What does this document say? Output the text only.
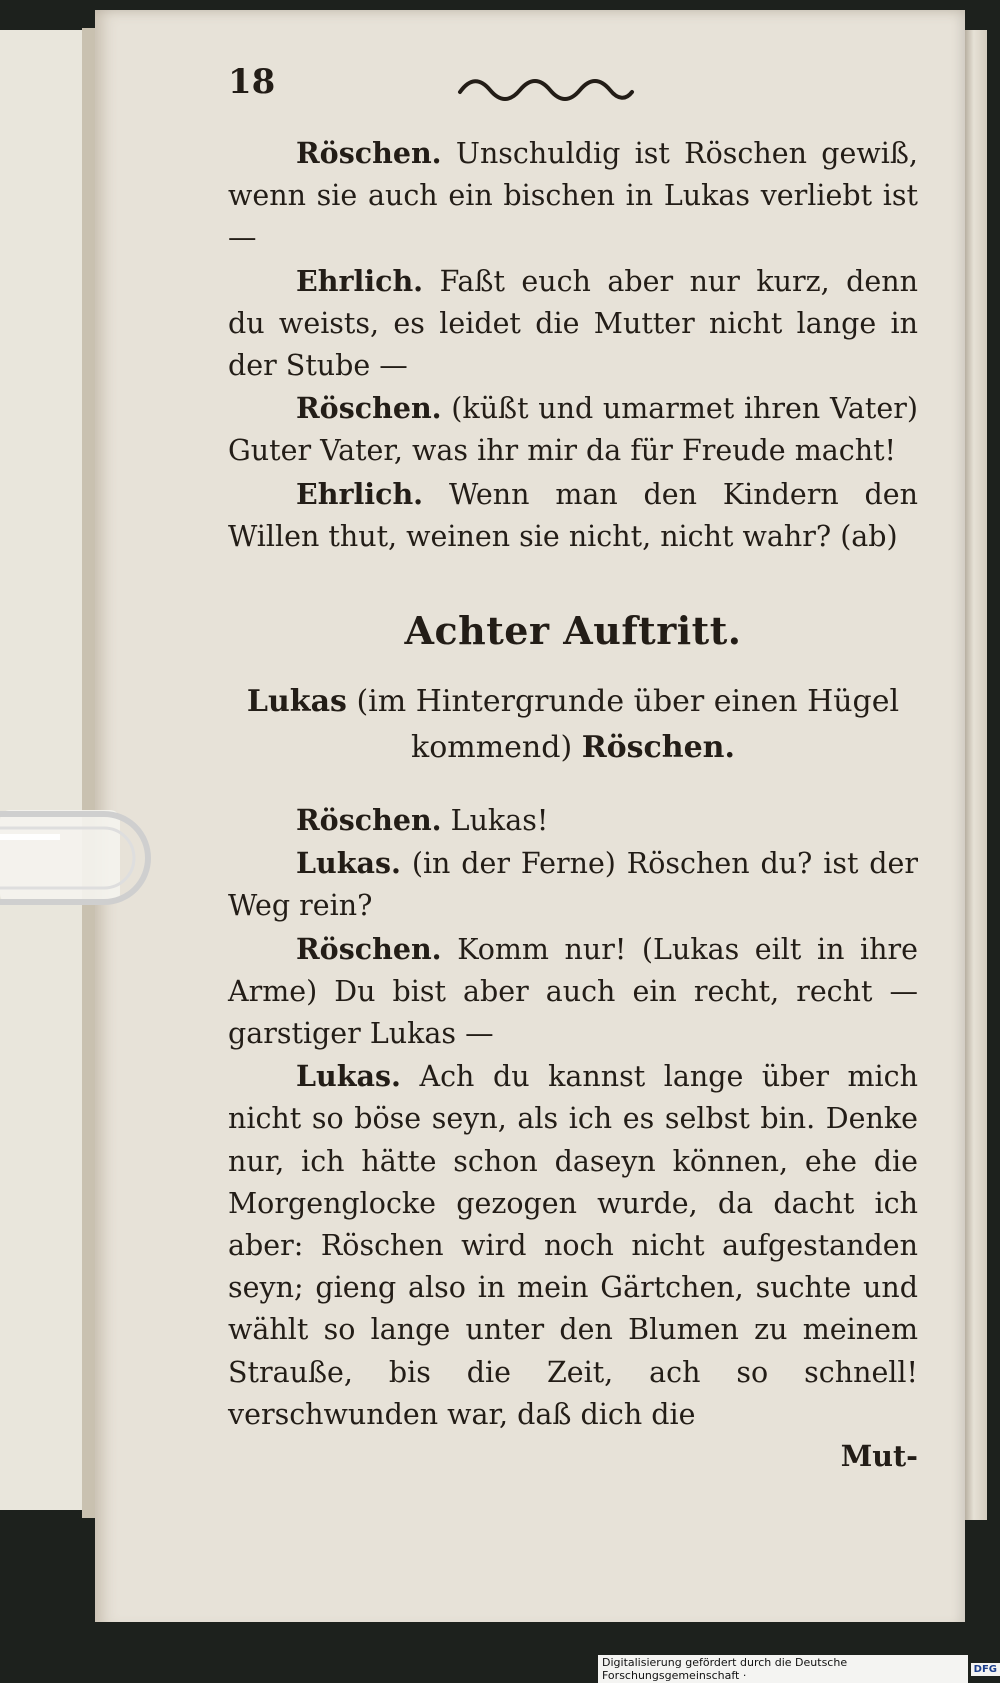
18

Röschen. Unschuldig ist Röschen gewiß, wenn sie auch ein bischen in Lukas verliebt ist —

Ehrlich. Faßt euch aber nur kurz, denn du weists, es leidet die Mutter nicht lange in der Stube —

Röschen. (küßt und umarmet ihren Vater) Guter Vater, was ihr mir da für Freude macht!

Ehrlich. Wenn man den Kindern den Willen thut, weinen sie nicht, nicht wahr? (ab)

Achter Auftritt.
Lukas (im Hintergrunde über einen Hügel kommend) Röschen.

Röschen. Lukas!

Lukas. (in der Ferne) Röschen du? ist der Weg rein?

Röschen. Komm nur! (Lukas eilt in ihre Arme) Du bist aber auch ein recht, recht — garstiger Lukas —

Lukas. Ach du kannst lange über mich nicht so böse seyn, als ich es selbst bin. Denke nur, ich hätte schon daseyn können, ehe die Morgenglocke gezogen wurde, da dacht ich aber: Röschen wird noch nicht aufgestanden seyn; gieng also in mein Gärtchen, suchte und wählt so lange unter den Blumen zu meinem Strauße, bis die Zeit, ach so schnell! verschwunden war, daß dich die

Mut-
Digitalisierung gefördert durch die Deutsche Forschungsgemeinschaft ·	DFG
